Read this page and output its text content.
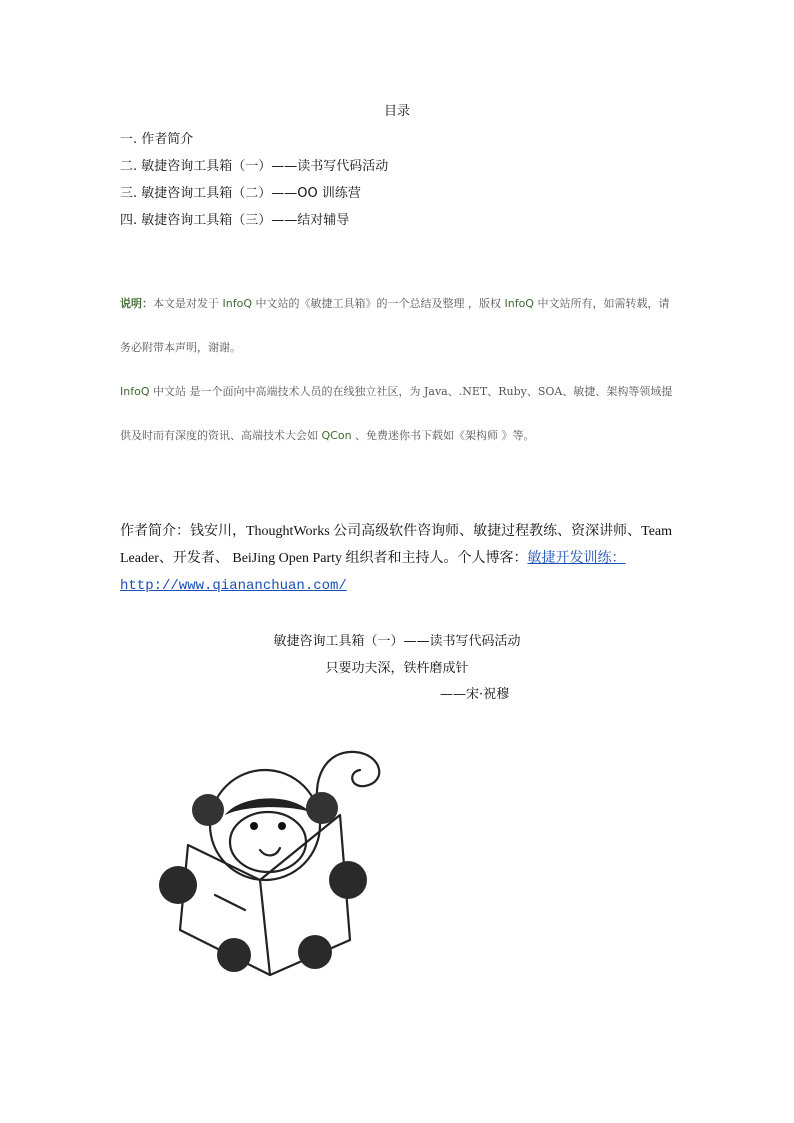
目录
一. 作者简介
二. 敏捷咨询工具箱（一）——读书写代码活动
三. 敏捷咨询工具箱（二）——OO 训练营
四. 敏捷咨询工具箱（三）——结对辅导
说明：本文是对发于 InfoQ 中文站的《敏捷工具箱》的一个总结及整理 ，版权 InfoQ 中文站所有，如需转载，请务必附带本声明，谢谢。
InfoQ 中文站 是一个面向中高端技术人员的在线独立社区，为 Java、.NET、Ruby、SOA、敏捷、架构等领域提供及时而有深度的资讯、高端技术大会如 QCon 、免费迷你书下载如《架构师 》等。
作者简介：钱安川，ThoughtWorks 公司高级软件咨询师、敏捷过程教练、资深讲师、Team Leader、开发者、 BeiJing Open Party 组织者和主持人。个人博客：敏捷开发训练：
http://www.qiananchuan.com/
敏捷咨询工具箱（一）——读书写代码活动
只要功夫深，铁杵磨成针
——宋·祝穆
